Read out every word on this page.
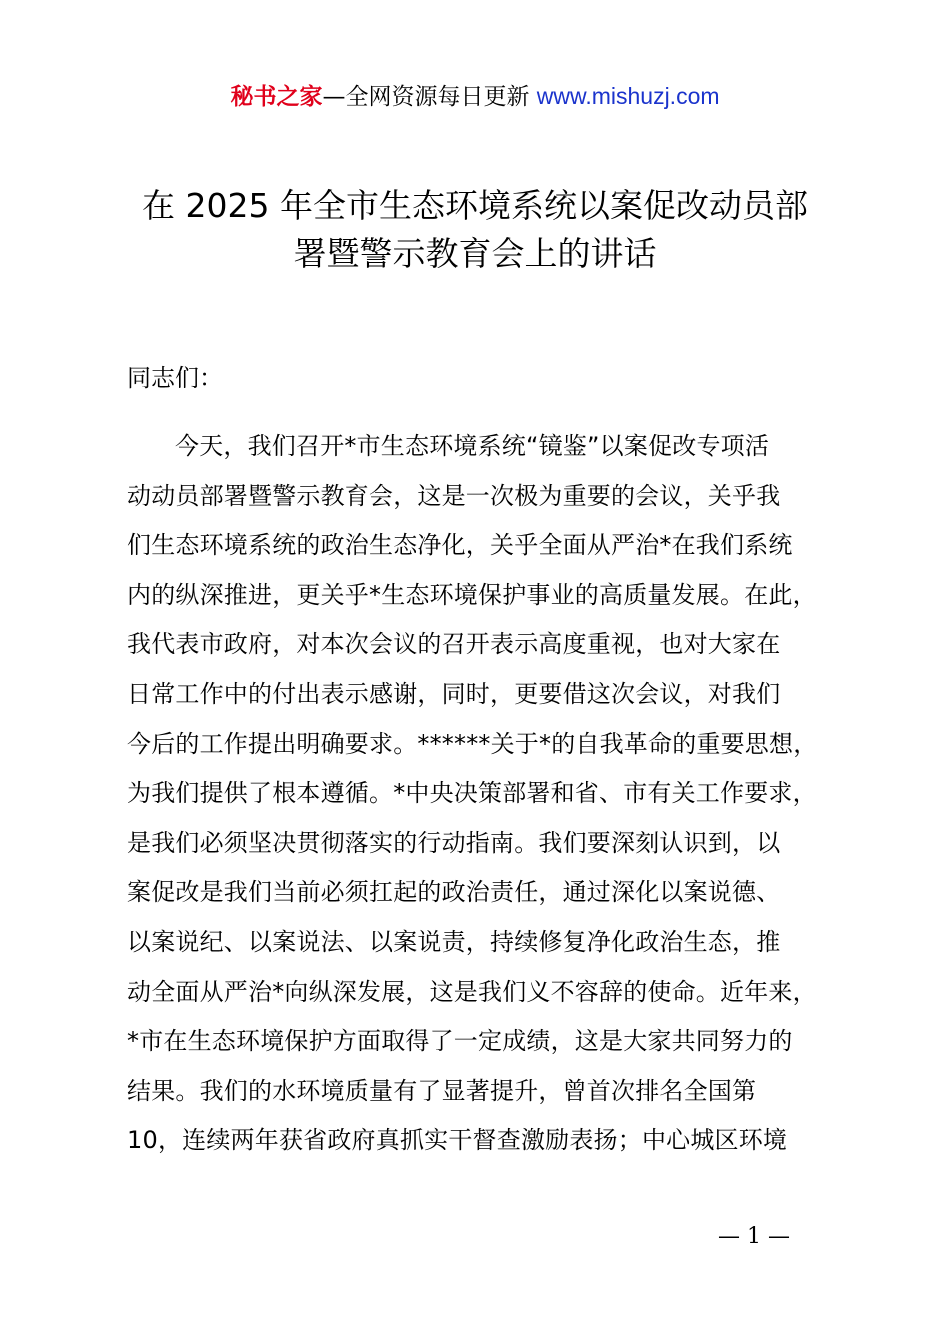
秘书之家—全网资源每日更新 www.mishuzj.com
在 2025 年全市生态环境系统以案促改动员部
署暨警示教育会上的讲话
同志们：
今天，我们召开*市生态环境系统“镜鉴”以案促改专项活
动动员部署暨警示教育会，这是一次极为重要的会议，关乎我
们生态环境系统的政治生态净化，关乎全面从严治*在我们系统
内的纵深推进，更关乎*生态环境保护事业的高质量发展。在此，
我代表市政府，对本次会议的召开表示高度重视，也对大家在
日常工作中的付出表示感谢，同时，更要借这次会议，对我们
今后的工作提出明确要求。******关于*的自我革命的重要思想，
为我们提供了根本遵循。*中央决策部署和省、市有关工作要求，
是我们必须坚决贯彻落实的行动指南。我们要深刻认识到，以
案促改是我们当前必须扛起的政治责任，通过深化以案说德、
以案说纪、以案说法、以案说责，持续修复净化政治生态，推
动全面从严治*向纵深发展，这是我们义不容辞的使命。近年来，
*市在生态环境保护方面取得了一定成绩，这是大家共同努力的
结果。我们的水环境质量有了显著提升，曾首次排名全国第
10，连续两年获省政府真抓实干督查激励表扬；中心城区环境
— 1 —
